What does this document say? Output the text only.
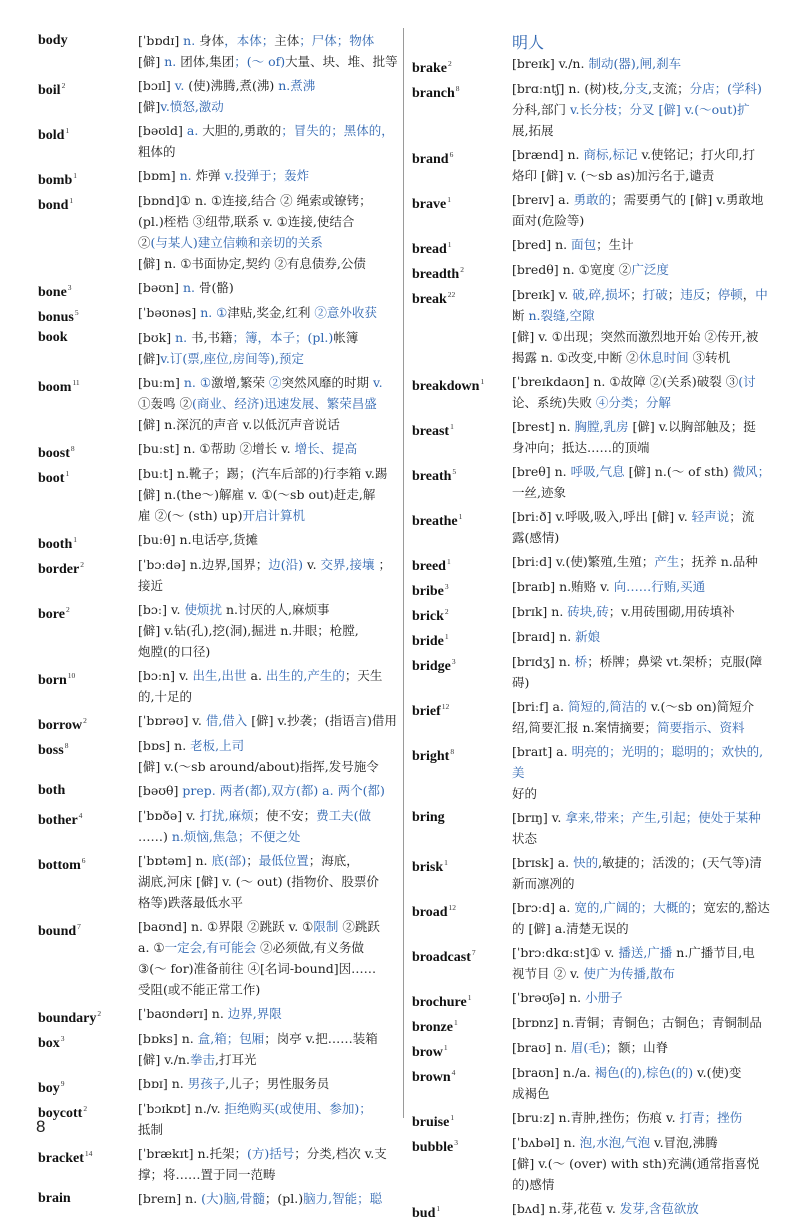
body	[ˈbɒdɪ] n. 身体，本体；主体；尸体；物体
[僻] n. 团体,集团；(～ of)大量、块、堆、批等
boil$^2$	[bɔɪl] v. (使)沸腾,煮(沸) n.煮沸
[僻]v.愤怒,激动
bold$^1$	[bəʊld] a. 大胆的,勇敢的；冒失的；黑体的，
粗体的
bomb$^1$	[bɒm] n. 炸弹 v.投弹于；轰炸
bond$^1$	[bɒnd]① n. ①连接,结合 ② 绳索或镣铐；
(pl.)桎梏 ③纽带,联系 v. ①连接,使结合
②(与某人)建立信赖和亲切的关系
[僻] n. ①书面协定,契约 ②有息债券,公债
bone$^3$	[bəʊn] n. 骨(骼)
bonus$^5$	[ˈbəʊnəs] n. ①津贴,奖金,红利 ②意外收获
book	[bʊk] n. 书,书籍；簿，本子；(pl.)帐簿
[僻]v.订(票,座位,房间等),预定
boom$^{11}$	[buːm] n. ①激增,繁荣 ②突然风靡的时期 v.
①轰鸣 ②(商业、经济)迅速发展、繁荣昌盛
[僻] n.深沉的声音 v.以低沉声音说话
boost$^8$	[buːst] n. ①帮助 ②增长 v. 增长、提高
boot$^1$	[buːt] n.靴子；踢；(汽车后部的)行李箱 v.踢
[僻] n.(the～)解雇 v. ①(～sb out)赶走,解
雇 ②(～ (sth) up)开启计算机
booth$^1$	[buːθ] n.电话亭,货摊
border$^2$	[ˈbɔːdə] n.边界,国界；边(沿) v. 交界,接壤 ；
接近
bore$^2$	[bɔː] v. 使烦扰 n.讨厌的人,麻烦事
[僻] v.钻(孔),挖(洞),掘进 n.井眼；枪膛,
炮膛(的口径)
born$^{10}$	[bɔːn] v. 出生,出世 a. 出生的,产生的；天生
的,十足的
borrow$^2$	[ˈbɒrəʊ] v. 借,借入 [僻] v.抄袭；(指语言)借用
boss$^8$	[bɒs] n. 老板,上司
[僻] v.(～sb around/about)指挥,发号施令
both	[bəʊθ] prep. 两者(都),双方(都) a. 两个(都)
bother$^4$	[ˈbɒðə] v. 打扰,麻烦；使不安；费工夫(做
……) n.烦恼,焦急；不便之处
bottom$^6$	[ˈbɒtəm] n. 底(部)；最低位置；海底，
湖底,河床 [僻] v. (～ out) (指物价、股票价
格等)跌落最低水平
bound$^7$	[baʊnd] n. ①界限 ②跳跃 v. ①限制 ②跳跃
a. ①一定会,有可能会 ②必须做,有义务做
③(～ for)准备前往 ④[名词-bound]因……
受阻(或不能正常工作)
boundary$^2$	[ˈbaʊndərɪ] n. 边界,界限
box$^3$	[bɒks] n. 盒,箱；包厢；岗亭 v.把……装箱
[僻] v./n.拳击,打耳光
boy$^9$	[bɒɪ] n. 男孩子,儿子；男性服务员
boycott$^2$	[ˈbɔɪkɒt] n./v. 拒绝购买(或使用、参加)；
抵制
bracket$^{14}$	[ˈbrækɪt] n.托架；(方)括号；分类,档次 v.支
撑；将……置于同一范畴
brain	[breɪn] n. (大)脑,骨髓；(pl.)脑力,智能；聪
明人
brake$^2$	[breɪk] v./n. 制动(器),闸,刹车
branch$^8$	[brɑːntʃ] n. (树)枝,分支,支流；分店；(学科)
分科,部门 v.长分枝；分叉 [僻] v.(～out)扩
展,拓展
brand$^6$	[brænd] n. 商标,标记 v.使铭记；打火印,打
烙印 [僻] v. (～sb as)加污名于,谴责
brave$^1$	[breɪv] a. 勇敢的；需要勇气的 [僻] v.勇敢地
面对(危险等)
bread$^1$	[bred] n. 面包；生计
breadth$^2$	[bredθ] n. ①宽度 ②广泛度
break$^{22}$	[breɪk] v. 破,碎,损坏；打破；违反；停顿，中
断 n.裂缝,空隙
[僻] v. ①出现；突然而激烈地开始 ②传开,被
揭露 n. ①改变,中断 ②休息时间 ③转机
breakdown$^1$	[ˈbreɪkdaʊn] n. ①故障 ②(关系)破裂 ③(讨
论、系统)失败 ④分类；分解
breast$^1$	[brest] n. 胸膛,乳房 [僻] v.以胸部触及；挺
身冲向；抵达……的顶端
breath$^5$	[breθ] n. 呼吸,气息 [僻] n.(～ of sth) 微风；
一丝,迹象
breathe$^1$	[briːð] v.呼吸,吸入,呼出 [僻] v. 轻声说；流
露(感情)
breed$^1$	[briːd] v.(使)繁殖,生殖；产生；抚养 n.品种
bribe$^3$	[braɪb] n.贿赂 v. 向……行贿,买通
brick$^2$	[brɪk] n. 砖块,砖；v.用砖围砌,用砖填补
bride$^1$	[braɪd] n. 新娘
bridge$^3$	[brɪdʒ] n. 桥；桥牌；鼻梁 vt.架桥；克服(障
碍)
brief$^{12}$	[briːf] a. 简短的,简洁的 v.(～sb on)简短介
绍,简要汇报 n.案情摘要；简要指示、资料
bright$^8$	[braɪt] a. 明亮的；光明的；聪明的；欢快的,美
好的
bring	[brɪŋ] v. 拿来,带来；产生,引起；使处于某种
状态
brisk$^1$	[brɪsk] a. 快的,敏捷的；活泼的；(天气等)清
新而凛冽的
broad$^{12}$	[brɔːd] a. 宽的,广阔的；大概的；宽宏的,豁达
的 [僻] a.清楚无误的
broadcast$^7$	[ˈbrɔːdkɑːst]① v. 播送,广播 n.广播节目,电
视节目 ② v. 使广为传播,散布
brochure$^1$	[ˈbrəʊʃə] n. 小册子
bronze$^1$	[brɒnz] n.青铜；青铜色；古铜色；青铜制品
brow$^1$	[braʊ] n. 眉(毛)；额；山脊
brown$^4$	[braʊn] n./a. 褐色(的),棕色(的) v.(使)变
成褐色
bruise$^1$	[bruːz] n.青肿,挫伤；伤痕 v. 打青；挫伤
bubble$^3$	[ˈbʌbəl] n. 泡,水泡,气泡 v.冒泡,沸腾
[僻] v.(～ (over) with sth)充满(通常指喜悦
的)感情
bud$^1$	[bʌd] n.芽,花苞 v. 发芽,含苞欲放
8
